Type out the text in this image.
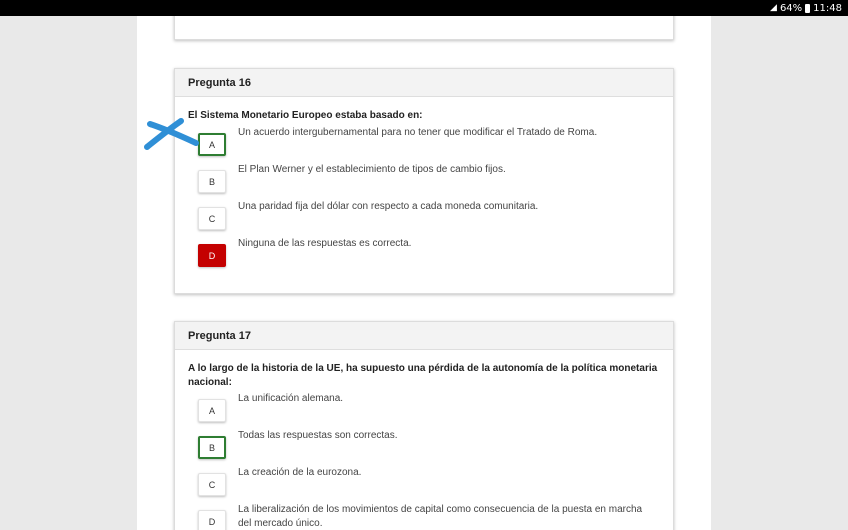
◢ 64% 11:48
Pregunta 16
El Sistema Monetario Europeo estaba basado en:
A
Un acuerdo intergubernamental para no tener que modificar el Tratado de Roma.
B
El Plan Werner y el establecimiento de tipos de cambio fijos.
C
Una paridad fija del dólar con respecto a cada moneda comunitaria.
D
Ninguna de las respuestas es correcta.
Pregunta 17
A lo largo de la historia de la UE, ha supuesto una pérdida de la autonomía de la política monetaria nacional:
A
La unificación alemana.
B
Todas las respuestas son correctas.
C
La creación de la eurozona.
D
La liberalización de los movimientos de capital como consecuencia de la puesta en marcha del mercado único.
